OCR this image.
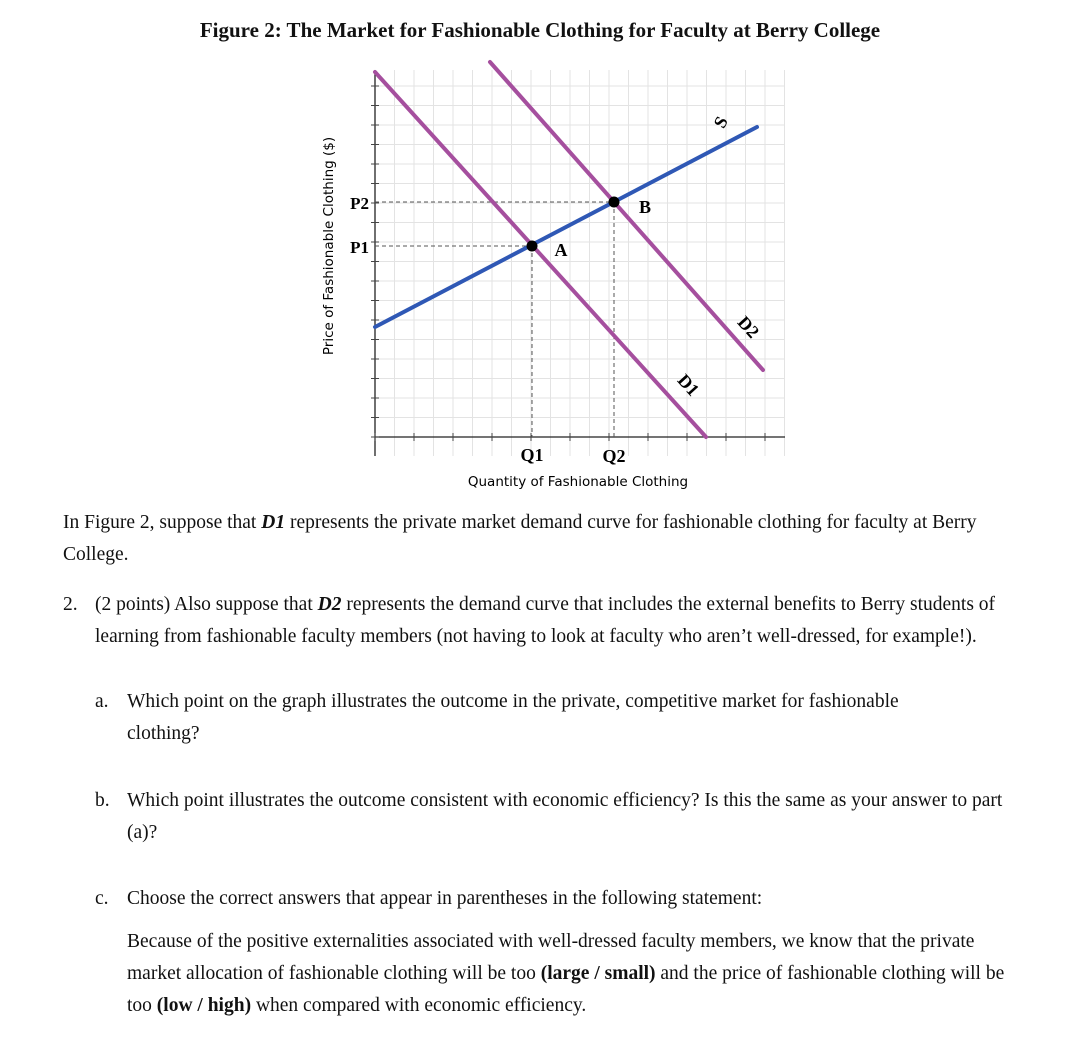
Figure 2: The Market for Fashionable Clothing for Faculty at Berry College
P2
P1
Q1	Q2
A
B
S
D1
D2
Price of Fashionable Clothing ($)
Quantity of Fashionable Clothing

In Figure 2, suppose that D1 represents the private market demand curve for fashionable clothing for faculty at Berry College.

2. (2 points) Also suppose that D2 represents the demand curve that includes the external benefits to Berry students of learning from fashionable faculty members (not having to look at faculty who aren’t well-dressed, for example!).

a. Which point on the graph illustrates the outcome in the private, competitive market for fashionable clothing?

b. Which point illustrates the outcome consistent with economic efficiency? Is this the same as your answer to part (a)?

c. Choose the correct answers that appear in parentheses in the following statement:

Because of the positive externalities associated with well-dressed faculty members, we know that the private market allocation of fashionable clothing will be too (large / small) and the price of fashionable clothing will be too (low / high) when compared with economic efficiency.
